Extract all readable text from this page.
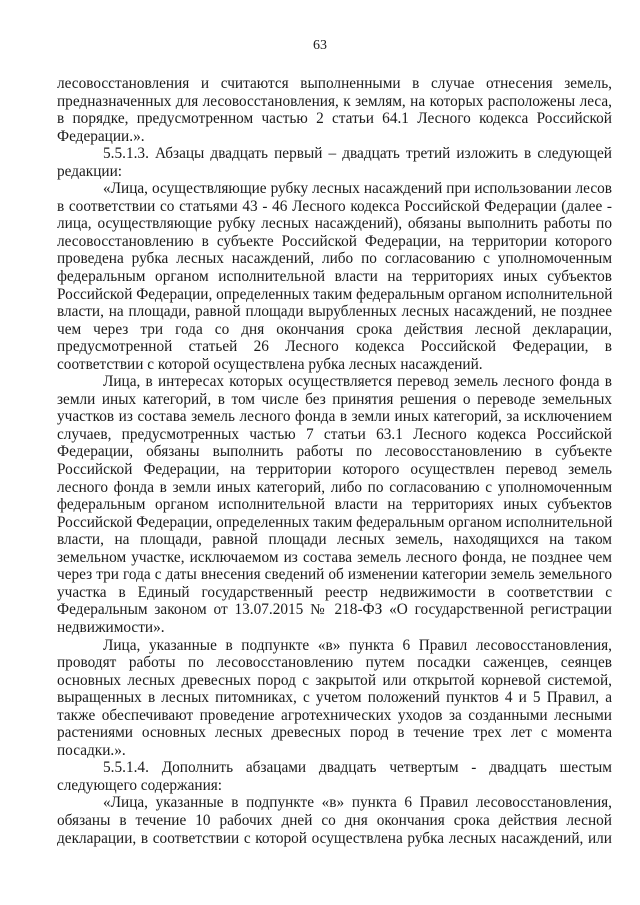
63
лесовосстановления и считаются выполненными в случае отнесения земель,
предназначенных для лесовосстановления, к землям, на которых расположены леса,
в порядке, предусмотренном частью 2 статьи 64.1 Лесного кодекса Российской
Федерации.».
5.5.1.3. Абзацы двадцать первый – двадцать третий изложить в следующей
редакции:
«Лица, осуществляющие рубку лесных насаждений при использовании лесов
в соответствии со статьями 43 - 46 Лесного кодекса Российской Федерации (далее -
лица, осуществляющие рубку лесных насаждений), обязаны выполнить работы по
лесовосстановлению в субъекте Российской Федерации, на территории которого
проведена рубка лесных насаждений, либо по согласованию с уполномоченным
федеральным органом исполнительной власти на территориях иных субъектов
Российской Федерации, определенных таким федеральным органом исполнительной
власти, на площади, равной площади вырубленных лесных насаждений, не позднее
чем через три года со дня окончания срока действия лесной декларации,
предусмотренной статьей 26 Лесного кодекса Российской Федерации, в
соответствии с которой осуществлена рубка лесных насаждений.
Лица, в интересах которых осуществляется перевод земель лесного фонда в
земли иных категорий, в том числе без принятия решения о переводе земельных
участков из состава земель лесного фонда в земли иных категорий, за исключением
случаев, предусмотренных частью 7 статьи 63.1 Лесного кодекса Российской
Федерации, обязаны выполнить работы по лесовосстановлению в субъекте
Российской Федерации, на территории которого осуществлен перевод земель
лесного фонда в земли иных категорий, либо по согласованию с уполномоченным
федеральным органом исполнительной власти на территориях иных субъектов
Российской Федерации, определенных таким федеральным органом исполнительной
власти, на площади, равной площади лесных земель, находящихся на таком
земельном участке, исключаемом из состава земель лесного фонда, не позднее чем
через три года с даты внесения сведений об изменении категории земель земельного
участка в Единый государственный реестр недвижимости в соответствии с
Федеральным законом от 13.07.2015 № 218-ФЗ «О государственной регистрации
недвижимости».
Лица, указанные в подпункте «в» пункта 6 Правил лесовосстановления,
проводят работы по лесовосстановлению путем посадки саженцев, сеянцев
основных лесных древесных пород с закрытой или открытой корневой системой,
выращенных в лесных питомниках, с учетом положений пунктов 4 и 5 Правил, а
также обеспечивают проведение агротехнических уходов за созданными лесными
растениями основных лесных древесных пород в течение трех лет с момента
посадки.».
5.5.1.4. Дополнить абзацами двадцать четвертым - двадцать шестым
следующего содержания:
«Лица, указанные в подпункте «в» пункта 6 Правил лесовосстановления,
обязаны в течение 10 рабочих дней со дня окончания срока действия лесной
декларации, в соответствии с которой осуществлена рубка лесных насаждений, или
